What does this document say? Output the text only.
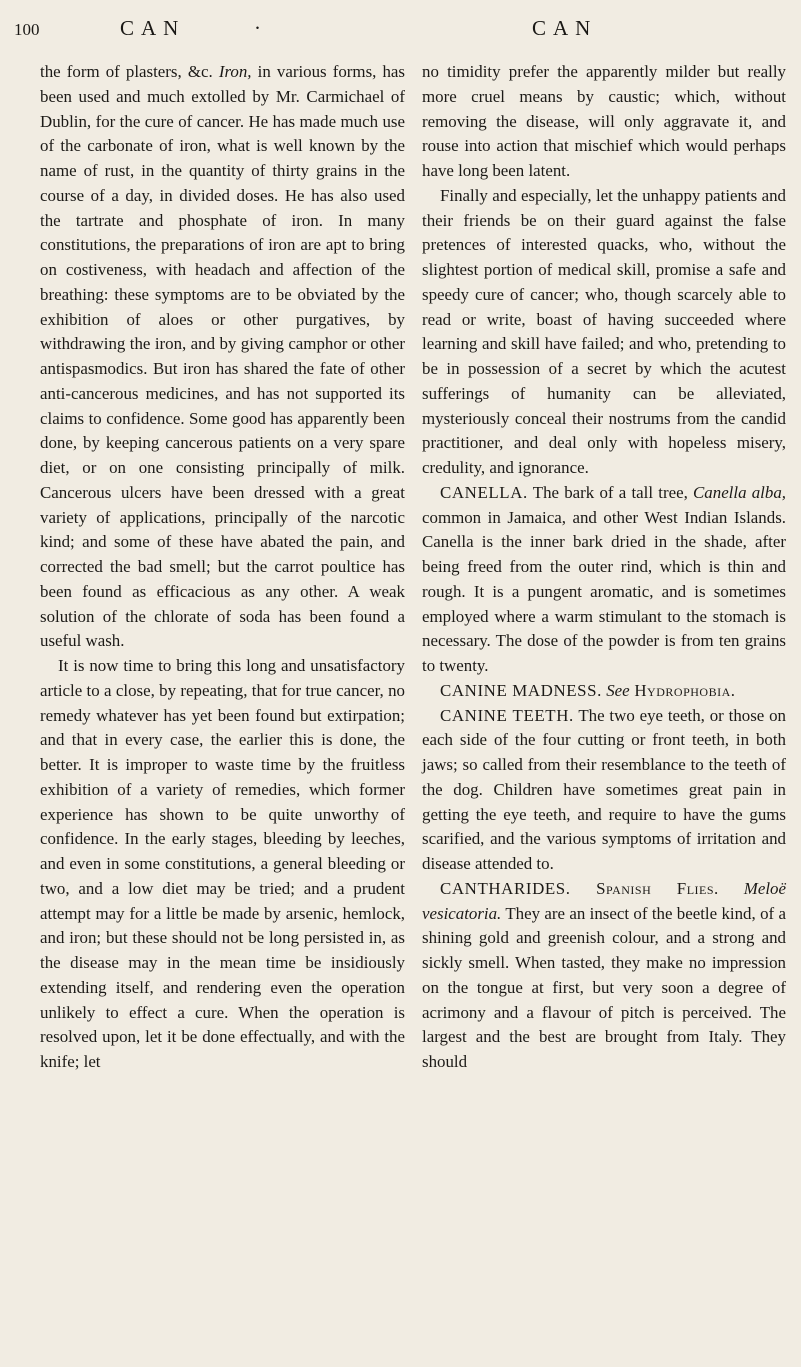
100	CAN	·	CAN

the form of plasters, &c. Iron, in various forms, has been used and much extolled by Mr. Carmichael of Dublin, for the cure of cancer. He has made much use of the carbonate of iron, what is well known by the name of rust, in the quantity of thirty grains in the course of a day, in divided doses. He has also used the tartrate and phosphate of iron. In many constitutions, the preparations of iron are apt to bring on costiveness, with headach and affection of the breathing: these symptoms are to be obviated by the exhibition of aloes or other purgatives, by withdrawing the iron, and by giving camphor or other antispasmodics. But iron has shared the fate of other anti-cancerous medicines, and has not supported its claims to confidence. Some good has apparently been done, by keeping cancerous patients on a very spare diet, or on one consisting principally of milk. Cancerous ulcers have been dressed with a great variety of applications, principally of the narcotic kind; and some of these have abated the pain, and corrected the bad smell; but the carrot poultice has been found as efficacious as any other. A weak solution of the chlorate of soda has been found a useful wash.

It is now time to bring this long and unsatisfactory article to a close, by repeating, that for true cancer, no remedy whatever has yet been found but extirpation; and that in every case, the earlier this is done, the better. It is improper to waste time by the fruitless exhibition of a variety of remedies, which former experience has shown to be quite unworthy of confidence. In the early stages, bleeding by leeches, and even in some constitutions, a general bleeding or two, and a low diet may be tried; and a prudent attempt may for a little be made by arsenic, hemlock, and iron; but these should not be long persisted in, as the disease may in the mean time be insidiously extending itself, and rendering even the operation unlikely to effect a cure. When the operation is resolved upon, let it be done effectually, and with the knife; let

no timidity prefer the apparently milder but really more cruel means by caustic; which, without removing the disease, will only aggravate it, and rouse into action that mischief which would perhaps have long been latent.

Finally and especially, let the unhappy patients and their friends be on their guard against the false pretences of interested quacks, who, without the slightest portion of medical skill, promise a safe and speedy cure of cancer; who, though scarcely able to read or write, boast of having succeeded where learning and skill have failed; and who, pretending to be in possession of a secret by which the acutest sufferings of humanity can be alleviated, mysteriously conceal their nostrums from the candid practitioner, and deal only with hopeless misery, credulity, and ignorance.

CANELLA. The bark of a tall tree, Canella alba, common in Jamaica, and other West Indian Islands. Canella is the inner bark dried in the shade, after being freed from the outer rind, which is thin and rough. It is a pungent aromatic, and is sometimes employed where a warm stimulant to the stomach is necessary. The dose of the powder is from ten grains to twenty.

CANINE MADNESS. See Hydrophobia.

CANINE TEETH. The two eye teeth, or those on each side of the four cutting or front teeth, in both jaws; so called from their resemblance to the teeth of the dog. Children have sometimes great pain in getting the eye teeth, and require to have the gums scarified, and the various symptoms of irritation and disease attended to.

CANTHARIDES. Spanish Flies. Meloë vesicatoria. They are an insect of the beetle kind, of a shining gold and greenish colour, and a strong and sickly smell. When tasted, they make no impression on the tongue at first, but very soon a degree of acrimony and a flavour of pitch is perceived. The largest and the best are brought from Italy. They should
